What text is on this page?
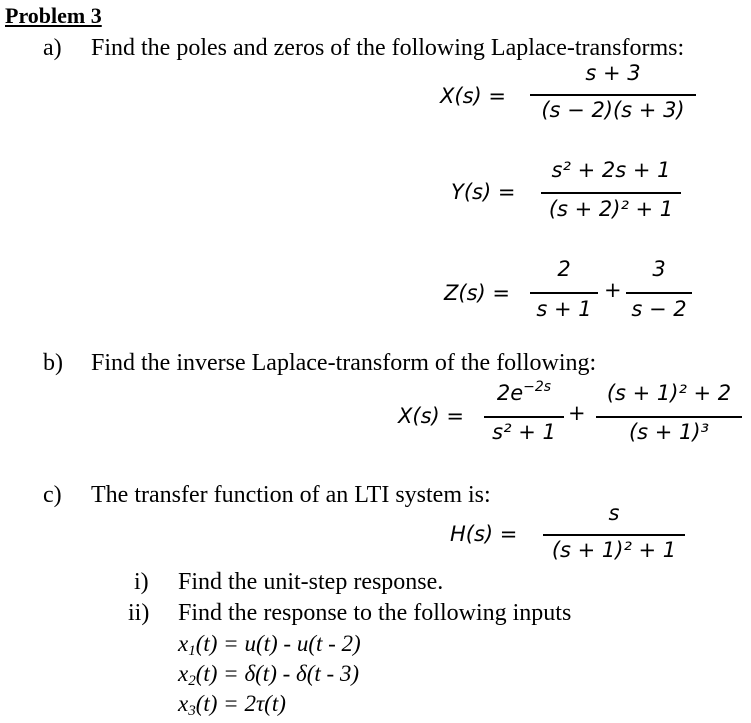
Problem 3
a) Find the poles and zeros of the following Laplace-transforms:
X(s) =
s + 3
(s − 2)(s + 3)
Y(s) =
s² + 2s + 1
(s + 2)² + 1
Z(s) =
2
s + 1
+
3
s − 2
b) Find the inverse Laplace-transform of the following:
X(s) =
$2e^{-2s}$
s² + 1
+
(s + 1)² + 2
(s + 1)³
c) The transfer function of an LTI system is:
H(s) =
s
(s + 1)² + 1
i) Find the unit-step response.
ii) Find the response to the following inputs
$x_1(t) = u(t) - u(t - 2)$
$x_2(t) = \delta(t) - \delta(t - 3)$
$x_3(t) = 2\tau(t)$
